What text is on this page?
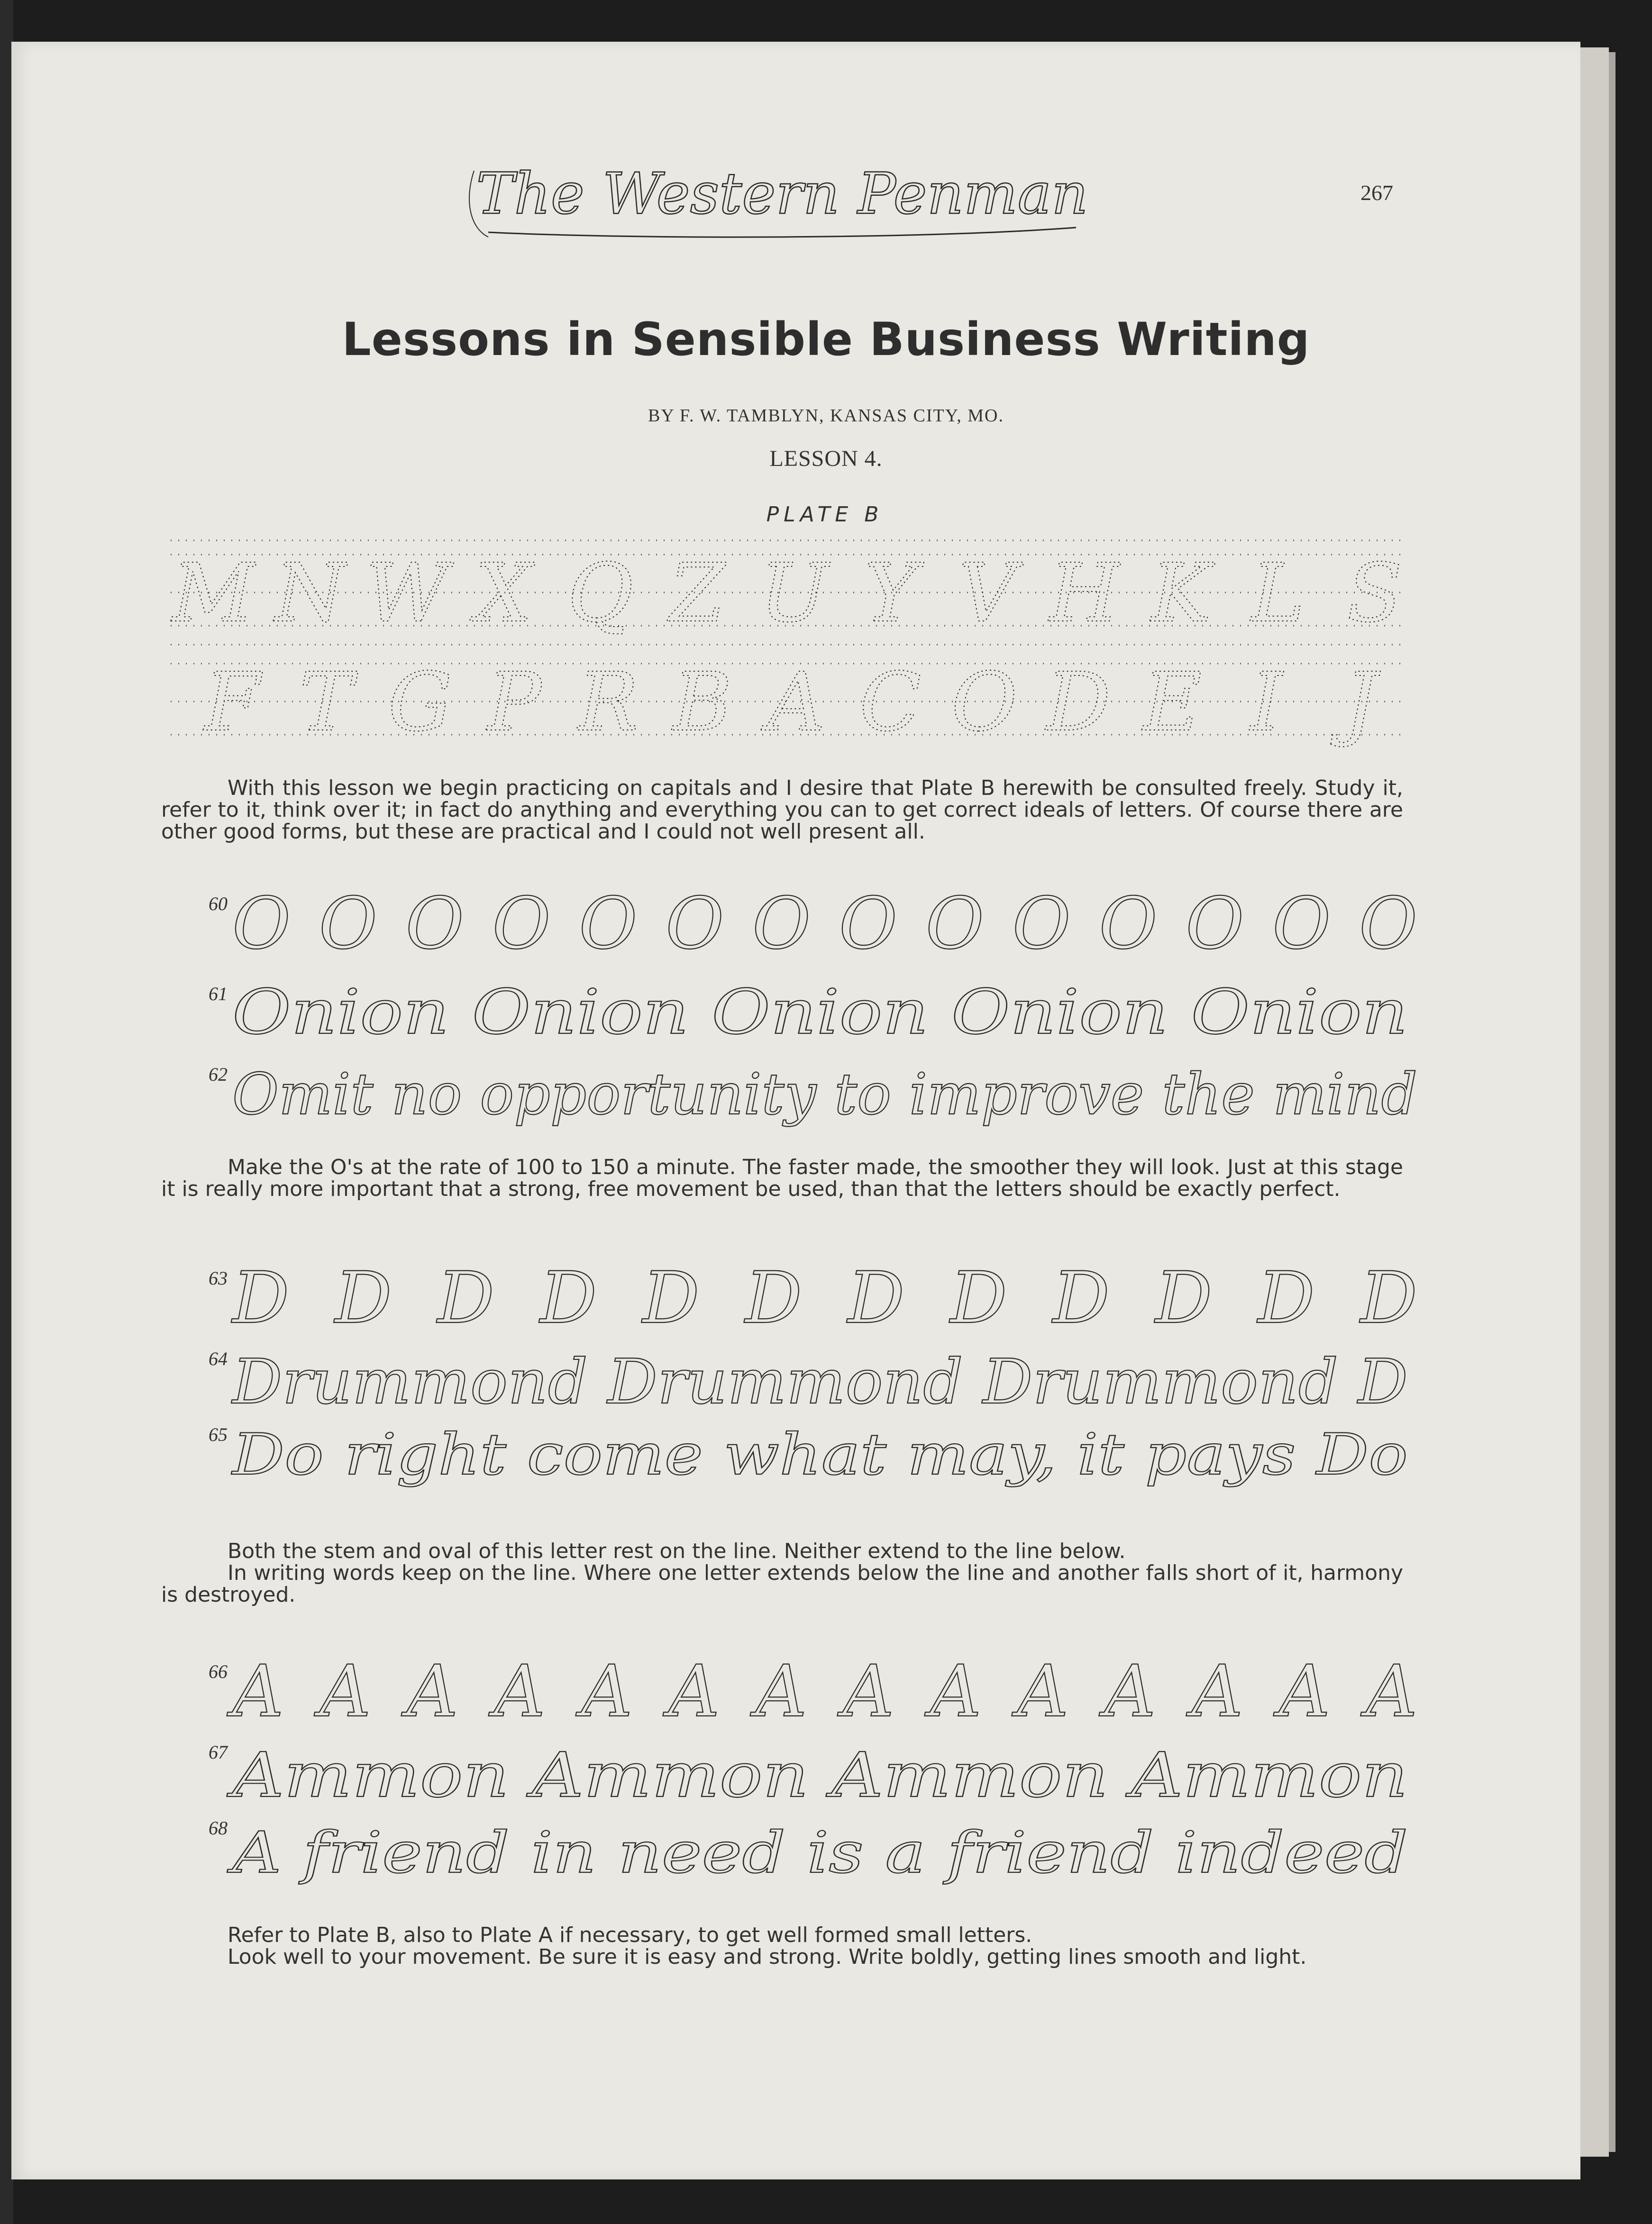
The Western Penman	267
Lessons in Sensible Business Writing
BY F. W. TAMBLYN, KANSAS CITY, MO.
LESSON 4.
PLATE B
M N W X Q Z U Y V H K L S
F T G P R B A C O D E I J

With this lesson we begin practicing on capitals and I desire that Plate B herewith be consulted freely. Study it, refer to it, think over it; in fact do anything and everything you can to get correct ideals of letters. Of course there are other good forms, but these are practical and I could not well present all.

60 O O O O O O O O O O O O O O
61 Onion Onion Onion Onion Onion
62 Omit no opportunity to improve the mind

Make the O's at the rate of 100 to 150 a minute. The faster made, the smoother they will look. Just at this stage it is really more important that a strong, free movement be used, than that the letters should be exactly perfect.

63 D D D D D D D D D D D D
64 Drummond Drummond Drummond D
65 Do right come what may, it pays Do

Both the stem and oval of this letter rest on the line. Neither extend to the line below.

In writing words keep on the line. Where one letter extends below the line and another falls short of it, harmony is destroyed.

66 A A A A A A A A A A A A A A
67
Ammon Ammon Ammon Ammon
68
A friend in need is a friend indeed

Refer to Plate B, also to Plate A if necessary, to get well formed small letters.

Look well to your movement. Be sure it is easy and strong. Write boldly, getting lines smooth and light.
